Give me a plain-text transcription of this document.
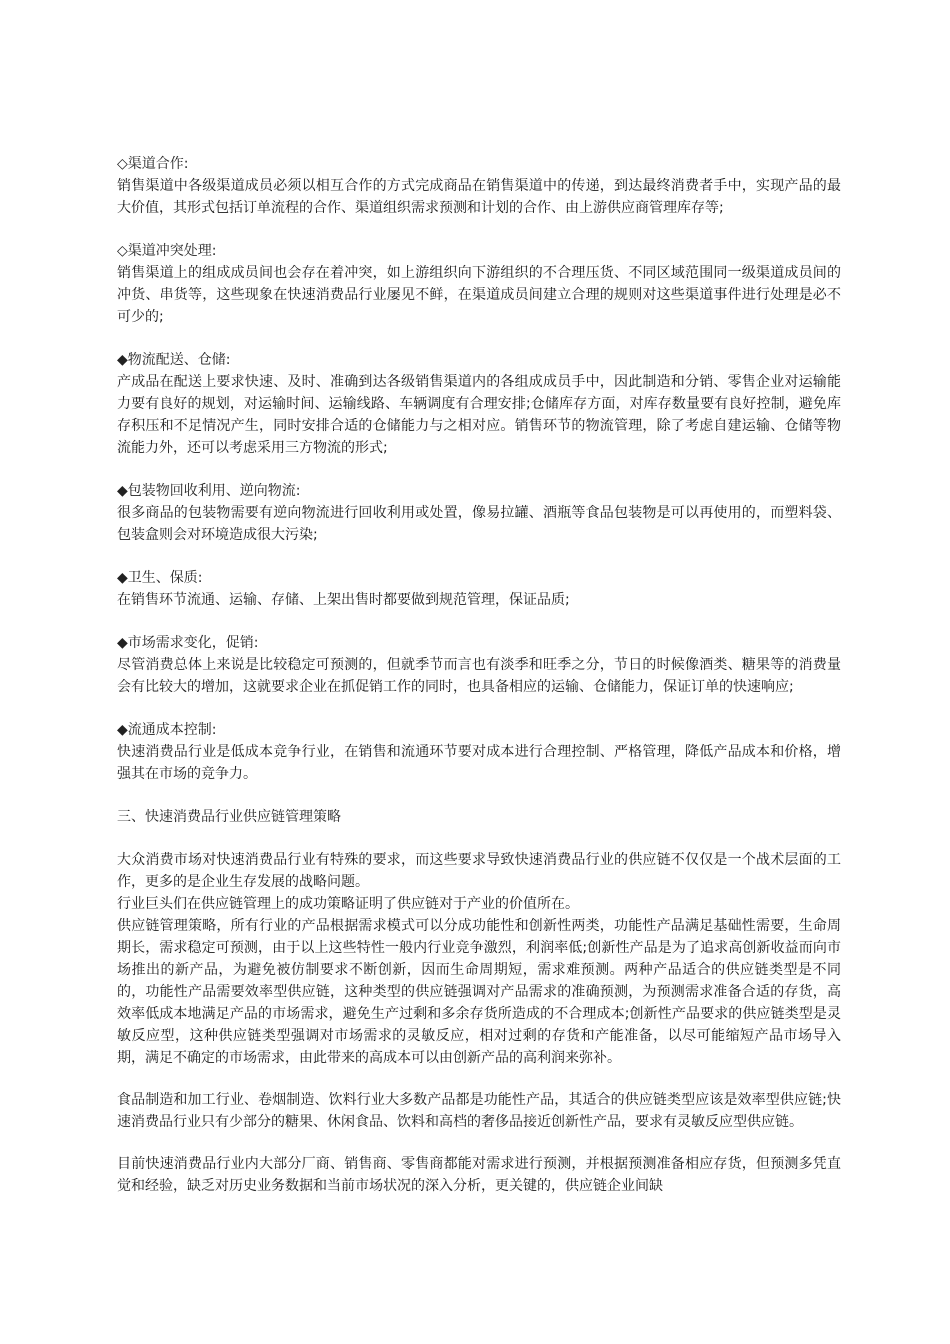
◇渠道合作:

销售渠道中各级渠道成员必须以相互合作的方式完成商品在销售渠道中的传递，到达最终消费者手中，实现产品的最大价值，其形式包括订单流程的合作、渠道组织需求预测和计划的合作、由上游供应商管理库存等;

◇渠道冲突处理:

销售渠道上的组成成员间也会存在着冲突，如上游组织向下游组织的不合理压货、不同区域范围同一级渠道成员间的冲货、串货等，这些现象在快速消费品行业屡见不鲜，在渠道成员间建立合理的规则对这些渠道事件进行处理是必不可少的;

◆物流配送、仓储:

产成品在配送上要求快速、及时、准确到达各级销售渠道内的各组成成员手中，因此制造和分销、零售企业对运输能力要有良好的规划，对运输时间、运输线路、车辆调度有合理安排;仓储库存方面，对库存数量要有良好控制，避免库存积压和不足情况产生，同时安排合适的仓储能力与之相对应。销售环节的物流管理，除了考虑自建运输、仓储等物流能力外，还可以考虑采用三方物流的形式;

◆包装物回收利用、逆向物流:

很多商品的包装物需要有逆向物流进行回收利用或处置，像易拉罐、酒瓶等食品包装物是可以再使用的，而塑料袋、包装盒则会对环境造成很大污染;

◆卫生、保质:

在销售环节流通、运输、存储、上架出售时都要做到规范管理，保证品质;

◆市场需求变化，促销:

尽管消费总体上来说是比较稳定可预测的，但就季节而言也有淡季和旺季之分，节日的时候像酒类、糖果等的消费量会有比较大的增加，这就要求企业在抓促销工作的同时，也具备相应的运输、仓储能力，保证订单的快速响应;

◆流通成本控制:

快速消费品行业是低成本竞争行业，在销售和流通环节要对成本进行合理控制、严格管理，降低产品成本和价格，增强其在市场的竞争力。

三、快速消费品行业供应链管理策略

大众消费市场对快速消费品行业有特殊的要求，而这些要求导致快速消费品行业的供应链不仅仅是一个战术层面的工作，更多的是企业生存发展的战略问题。

行业巨头们在供应链管理上的成功策略证明了供应链对于产业的价值所在。

供应链管理策略，所有行业的产品根据需求模式可以分成功能性和创新性两类，功能性产品满足基础性需要，生命周期长，需求稳定可预测，由于以上这些特性一般内行业竞争激烈，利润率低;创新性产品是为了追求高创新收益而向市场推出的新产品，为避免被仿制要求不断创新，因而生命周期短，需求难预测。两种产品适合的供应链类型是不同的，功能性产品需要效率型供应链，这种类型的供应链强调对产品需求的准确预测，为预测需求准备合适的存货，高效率低成本地满足产品的市场需求，避免生产过剩和多余存货所造成的不合理成本;创新性产品要求的供应链类型是灵敏反应型，这种供应链类型强调对市场需求的灵敏反应，相对过剩的存货和产能准备，以尽可能缩短产品市场导入期，满足不确定的市场需求，由此带来的高成本可以由创新产品的高利润来弥补。

食品制造和加工行业、卷烟制造、饮料行业大多数产品都是功能性产品，其适合的供应链类型应该是效率型供应链;快速消费品行业只有少部分的糖果、休闲食品、饮料和高档的奢侈品接近创新性产品，要求有灵敏反应型供应链。

目前快速消费品行业内大部分厂商、销售商、零售商都能对需求进行预测，并根据预测准备相应存货，但预测多凭直觉和经验，缺乏对历史业务数据和当前市场状况的深入分析，更关键的，供应链企业间缺
